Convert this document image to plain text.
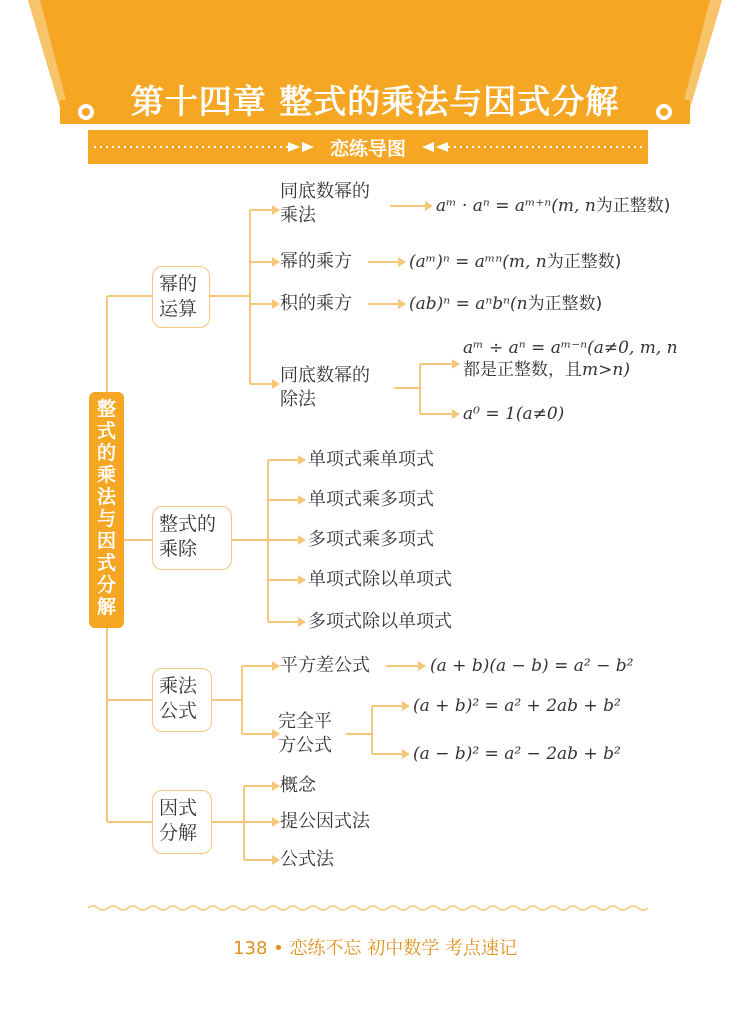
第十四章 整式的乘法与因式分解
恋练导图
整
式
的
乘
法
与
因
式
分
解
幂的
运算
同底数幂的
乘法	aᵐ · aⁿ = aᵐ⁺ⁿ(m, n为正整数)
幂的乘方	(aᵐ)ⁿ = aᵐⁿ(m, n为正整数)
积的乘方	(ab)ⁿ = aⁿbⁿ(n为正整数)
同底数幂的
除法
aᵐ ÷ aⁿ = aᵐ⁻ⁿ(a≠0, m, n
都是正整数，且m>n)
a⁰ = 1(a≠0)
整式的
乘除
单项式乘单项式
单项式乘多项式
多项式乘多项式
单项式除以单项式
多项式除以单项式
乘法
公式
平方差公式	(a + b)(a − b) = a² − b²
完全平
方公式
(a + b)² = a² + 2ab + b²
(a − b)² = a² − 2ab + b²
因式
分解
概念
提公因式法
公式法
138 • 恋练不忘 初中数学 考点速记
